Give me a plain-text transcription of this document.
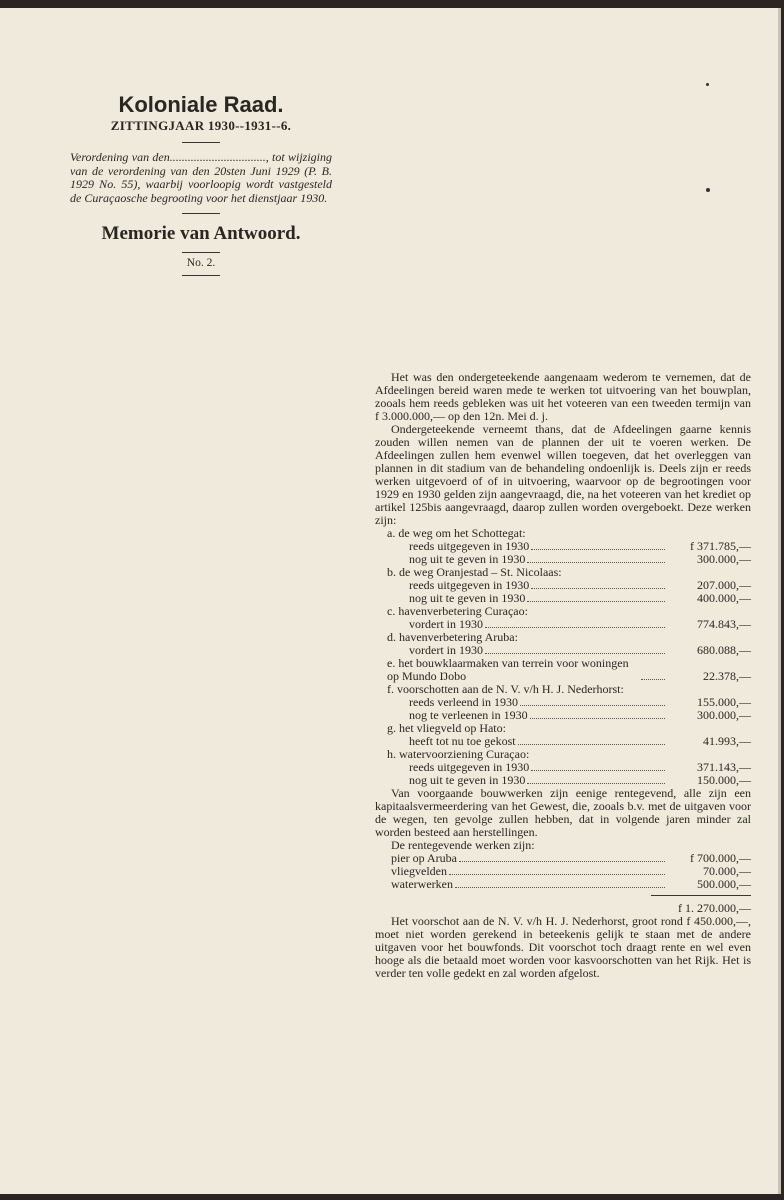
Koloniale Raad.

ZITTINGJAAR 1930--1931--6.

Verordening van den................................, tot wijziging van de verordening van den 20sten Juni 1929 (P. B. 1929 No. 55), waarbij voorloopig wordt vastgesteld de Curaçaosche begrooting voor het dienstjaar 1930.

Memorie van Antwoord.

No. 2.

Het was den ondergeteekende aangenaam wederom te vernemen, dat de Afdeelingen bereid waren mede te werken tot uitvoering van het bouwplan, zooals hem reeds gebleken was uit het voteeren van een tweeden termijn van f 3.000.000,— op den 12n. Mei d. j.

Ondergeteekende verneemt thans, dat de Afdeelingen gaarne kennis zouden willen nemen van de plannen der uit te voeren werken. De Afdeelingen zullen hem evenwel willen toegeven, dat het overleggen van plannen in dit stadium van de behandeling ondoenlijk is. Deels zijn er reeds werken uitgevoerd of of in uitvoering, waarvoor op de begrootingen voor 1929 en 1930 gelden zijn aangevraagd, die, na het voteeren van het krediet op artikel 125bis aangevraagd, daarop zullen worden overgeboekt. Deze werken zijn:

a. de weg om het Schottegat:

reeds uitgegeven in 1930	f 371.785,—
nog uit te geven in 1930	300.000,—

b. de weg Oranjestad – St. Nicolaas:

reeds uitgegeven in 1930	207.000,—
nog uit te geven in 1930	400.000,—

c. havenverbetering Curaçao:

vordert in 1930	774.843,—

d. havenverbetering Aruba:

vordert in 1930	680.088,—
e. het bouwklaarmaken van terrein voor woningen op Mundo Ŋobo	22.378,—

f. voorschotten aan de N. V. v/h H. J. Nederhorst:

reeds verleend in 1930	155.000,—
nog te verleenen in 1930	300.000,—

g. het vliegveld op Hato:

heeft tot nu toe gekost	41.993,—

h. watervoorziening Curaçao:

reeds uitgegeven in 1930	371.143,—
nog uit te geven in 1930	150.000,—

Van voorgaande bouwwerken zijn eenige rentegevend, alle zijn een kapitaalsvermeerdering van het Gewest, die, zooals b.v. met de uitgaven voor de wegen, ten gevolge zullen hebben, dat in volgende jaren minder zal worden besteed aan herstellingen.

De rentegevende werken zijn:

pier op Aruba	f 700.000,—
vliegvelden	70.000,—
waterwerken	500.000,—

f 1. 270.000,—

Het voorschot aan de N. V. v/h H. J. Nederhorst, groot rond f 450.000,—, moet niet worden gerekend in beteekenis gelijk te staan met de andere uitgaven voor het bouwfonds. Dit voorschot toch draagt rente en wel even hooge als die betaald moet worden voor kasvoorschotten van het Rijk. Het is verder ten volle gedekt en zal worden afgelost.
